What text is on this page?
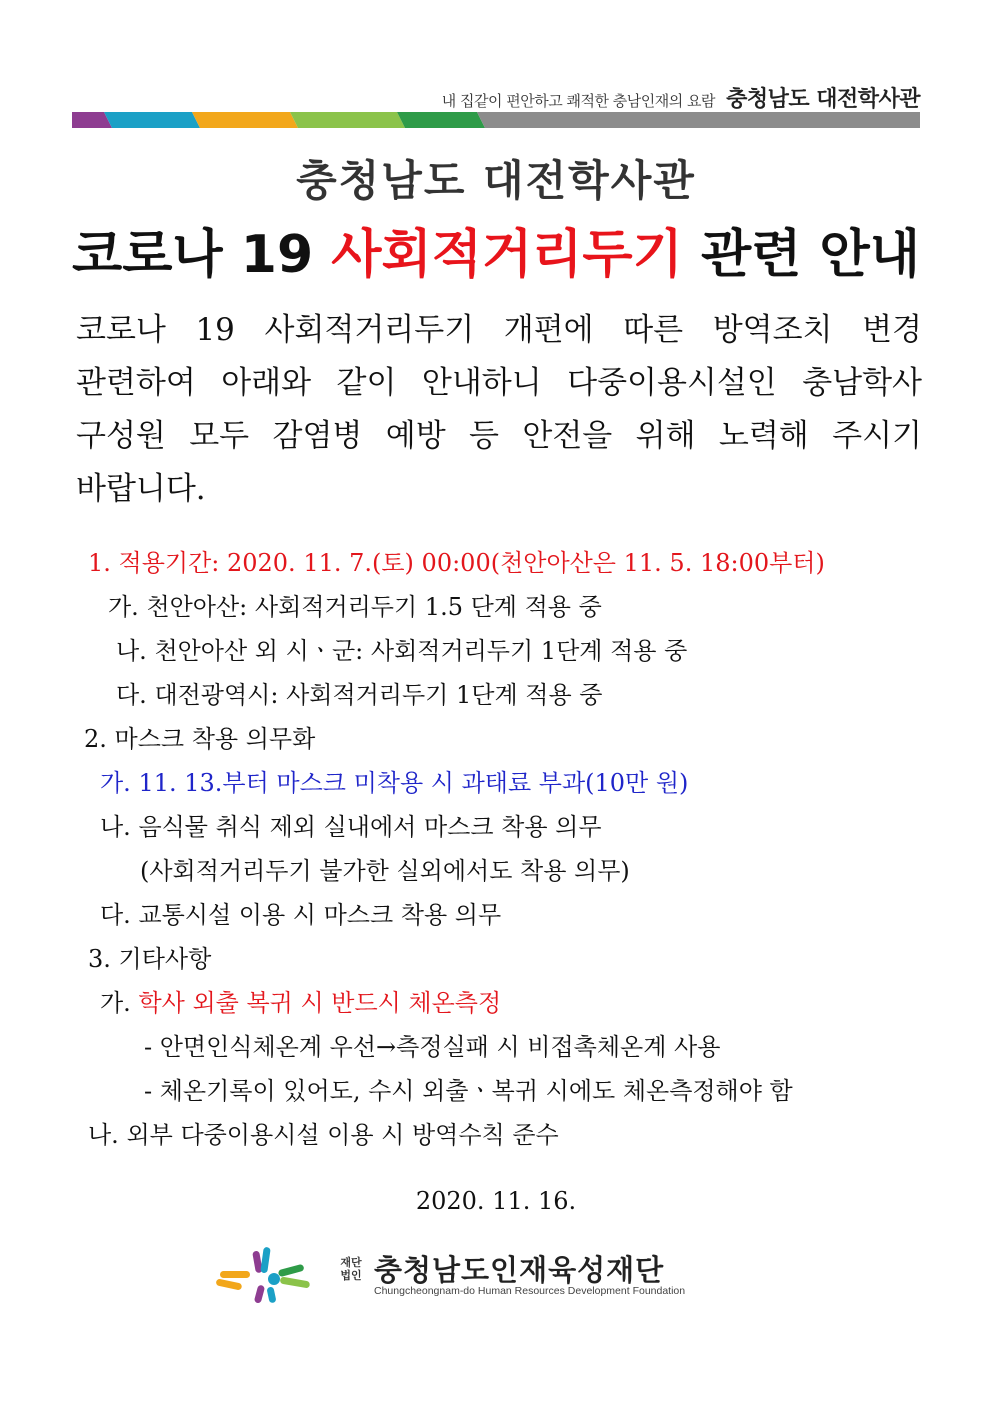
내 집같이 편안하고 쾌적한 충남인재의 요람 충청남도 대전학사관
충청남도 대전학사관
코로나 19 사회적거리두기 관련 안내
코로나 19 사회적거리두기 개편에 따른 방역조치 변경
관련하여 아래와 같이 안내하니 다중이용시설인 충남학사
구성원 모두 감염병 예방 등 안전을 위해 노력해 주시기
바랍니다.
1. 적용기간: 2020. 11. 7.(토) 00:00(천안아산은 11. 5. 18:00부터)
가. 천안아산: 사회적거리두기 1.5 단계 적용 중
나. 천안아산 외 시ㆍ군: 사회적거리두기 1단계 적용 중
다. 대전광역시: 사회적거리두기 1단계 적용 중
2. 마스크 착용 의무화
가. 11. 13.부터 마스크 미착용 시 과태료 부과(10만 원)
나. 음식물 취식 제외 실내에서 마스크 착용 의무
(사회적거리두기 불가한 실외에서도 착용 의무)
다. 교통시설 이용 시 마스크 착용 의무
3. 기타사항
가. 학사 외출 복귀 시 반드시 체온측정
- 안면인식체온계 우선→측정실패 시 비접촉체온계 사용
- 체온기록이 있어도, 수시 외출ㆍ복귀 시에도 체온측정해야 함
나. 외부 다중이용시설 이용 시 방역수칙 준수
2020. 11. 16.
재단
법인 충청남도인재육성재단
Chungcheongnam-do Human Resources Development Foundation
